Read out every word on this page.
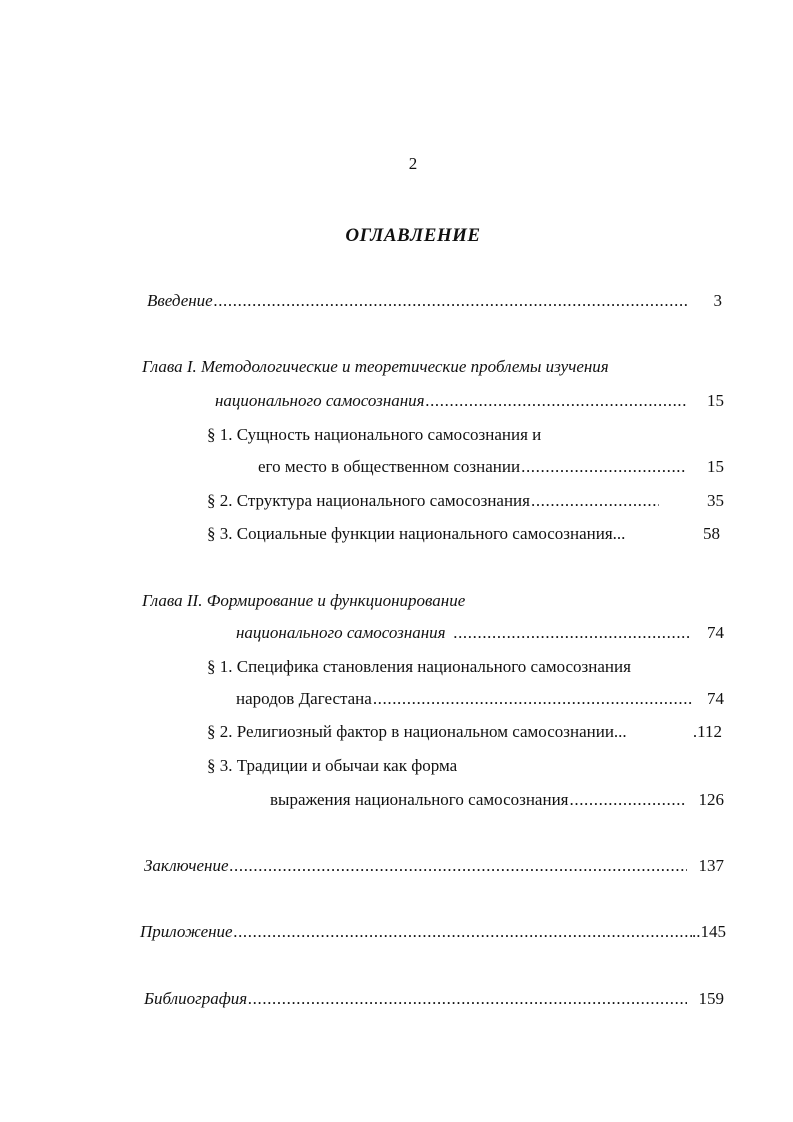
2
ОГЛАВЛЕНИЕ
Введение .....	3
Глава I. Методологические и теоретические проблемы изучения
национального самосознания .....	15
§ 1. Сущность национального самосознания и
его место в общественном сознании .....	15
§ 2. Структура национального самосознания .....	35
§ 3. Социальные функции национального самосознания...	58
Глава II. Формирование и функционирование
национального самосознания .....	74
§ 1. Специфика становления национального самосознания
народов Дагестана .....	74
§ 2. Религиозный фактор в национальном самосознании...	.112
§ 3. Традиции и обычаи как форма
выражения национального самосознания .....	126
Заключение .....	137
Приложение .....	..145
Библиография .....	159
